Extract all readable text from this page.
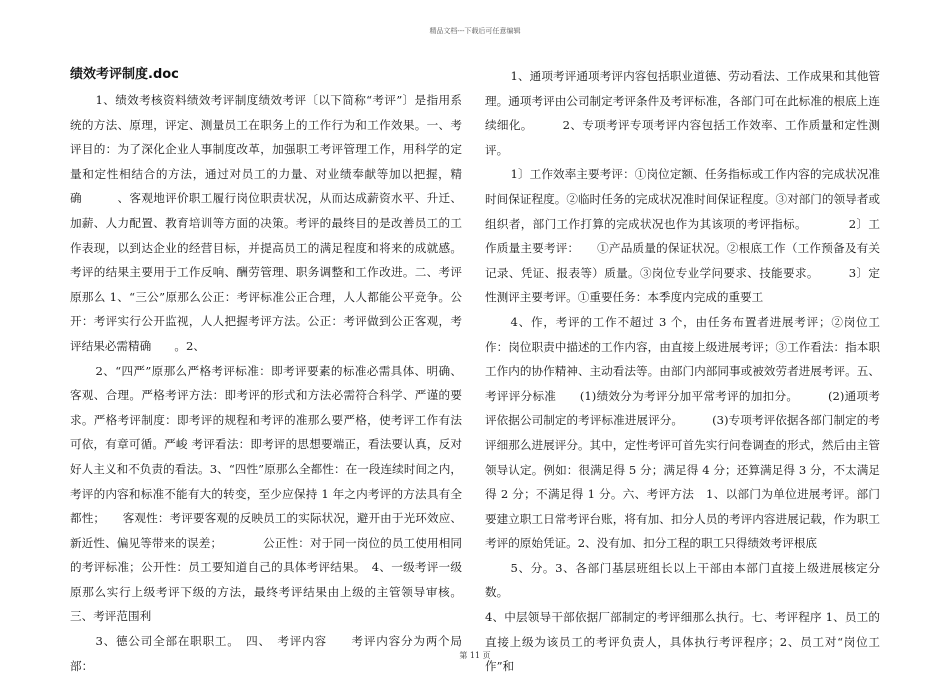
精品文档---下载后可任意编辑
绩效考评制度.doc

1、绩效考核资料绩效考评制度绩效考评〔以下简称“考评”〕是指用系统的方法、原理，评定、测量员工在职务上的工作行为和工作效果。一、考评目的：为了深化企业人事制度改革，加强职工考评管理工作，用科学的定量和定性相结合的方法，通过对员工的力量、对业绩奉献等加以把握，精确　　　、客观地评价职工履行岗位职责状况，从而达成薪资水平、升迁、加薪、人力配置、教育培训等方面的决策。考评的最终目的是改善员工的工作表现，以到达企业的经营目标，并提高员工的满足程度和将来的成就感。考评的结果主要用于工作反响、酬劳管理、职务调整和工作改进。二、考评原那么 1、“三公”原那么公正：考评标准公正合理，人人都能公平竞争。公开：考评实行公开监视，人人把握考评方法。公正：考评做到公正客观，考评结果必需精确　　。2、

2、“四严”原那么严格考评标准：即考评要素的标准必需具体、明确、客观、合理。严格考评方法：即考评的形式和方法必需符合科学、严谨的要求。严格考评制度：即考评的规程和考评的准那么要严格，使考评工作有法可依，有章可循。严峻 考评看法：即考评的思想要端正，看法要认真，反对好人主义和不负责的看法。3、“四性”原那么全都性：在一段连续时间之内，考评的内容和标准不能有大的转变，至少应保持 1 年之内考评的方法具有全都性；　　客观性：考评要客观的反映员工的实际状况，避开由于光环效应、新近性、偏见等带来的误差；　　　　公正性：对于同一岗位的员工使用相同的考评标准；公开性：员工要知道自己的具体考评结果。　4、一级考评一级原那么实行上级考评下级的方法，最终考评结果由上级的主管领导审核。三、考评范围利

3、德公司全部在职职工。　四、　考评内容　　考评内容分为两个局部：

1、通项考评通项考评内容包括职业道德、劳动看法、工作成果和其他管理。通项考评由公司制定考评条件及考评标准，各部门可在此标准的根底上连续细化。　　　2、专项考评专项考评内容包括工作效率、工作质量和定性测评。

1〕工作效率主要考评：①岗位定额、任务指标或工作内容的完成状况准时间保证程度。②临时任务的完成状况准时间保证程度。③对部门的领导者或组织者，部门工作打算的完成状况也作为其该项的考评指标。　　　　2〕工作质量主要考评：　　①产品质量的保证状况。②根底工作（工作预备及有关记录、凭证、报表等）质量。③岗位专业学问要求、技能要求。　　　3〕定性测评主要考评。①重要任务：本季度内完成的重要工

4、作，考评的工作不超过 3 个，由任务布置者进展考评；②岗位工作：岗位职责中描述的工作内容，由直接上级进展考评；③工作看法：指本职工作内的协作精神、主动看法等。由部门内部同事或被效劳者进展考评。五、考评评分标准　　(1)绩效分为考评分加平常考评的加扣分。　　　(2)通项考评依据公司制定的考评标准进展评分。　　　(3)专项考评依据各部门制定的考评细那么进展评分。其中，定性考评可首先实行问卷调查的形式，然后由主管领导认定。例如：很满足得 5 分；满足得 4 分；还算满足得 3 分，不太满足得 2 分；不满足得 1 分。六、考评方法　1、以部门为单位进展考评。部门要建立职工日常考评台账，将有加、扣分人员的考评内容进展记载，作为职工考评的原始凭证。2、没有加、扣分工程的职工只得绩效考评根底

5、分。3、各部门基层班组长以上干部由本部门直接上级进展核定分数。

4、中层领导干部依据厂部制定的考评细那么执行。七、考评程序 1、员工的直接上级为该员工的考评负责人，具体执行考评程序；2、员工对“岗位工作”和

第 11 页
